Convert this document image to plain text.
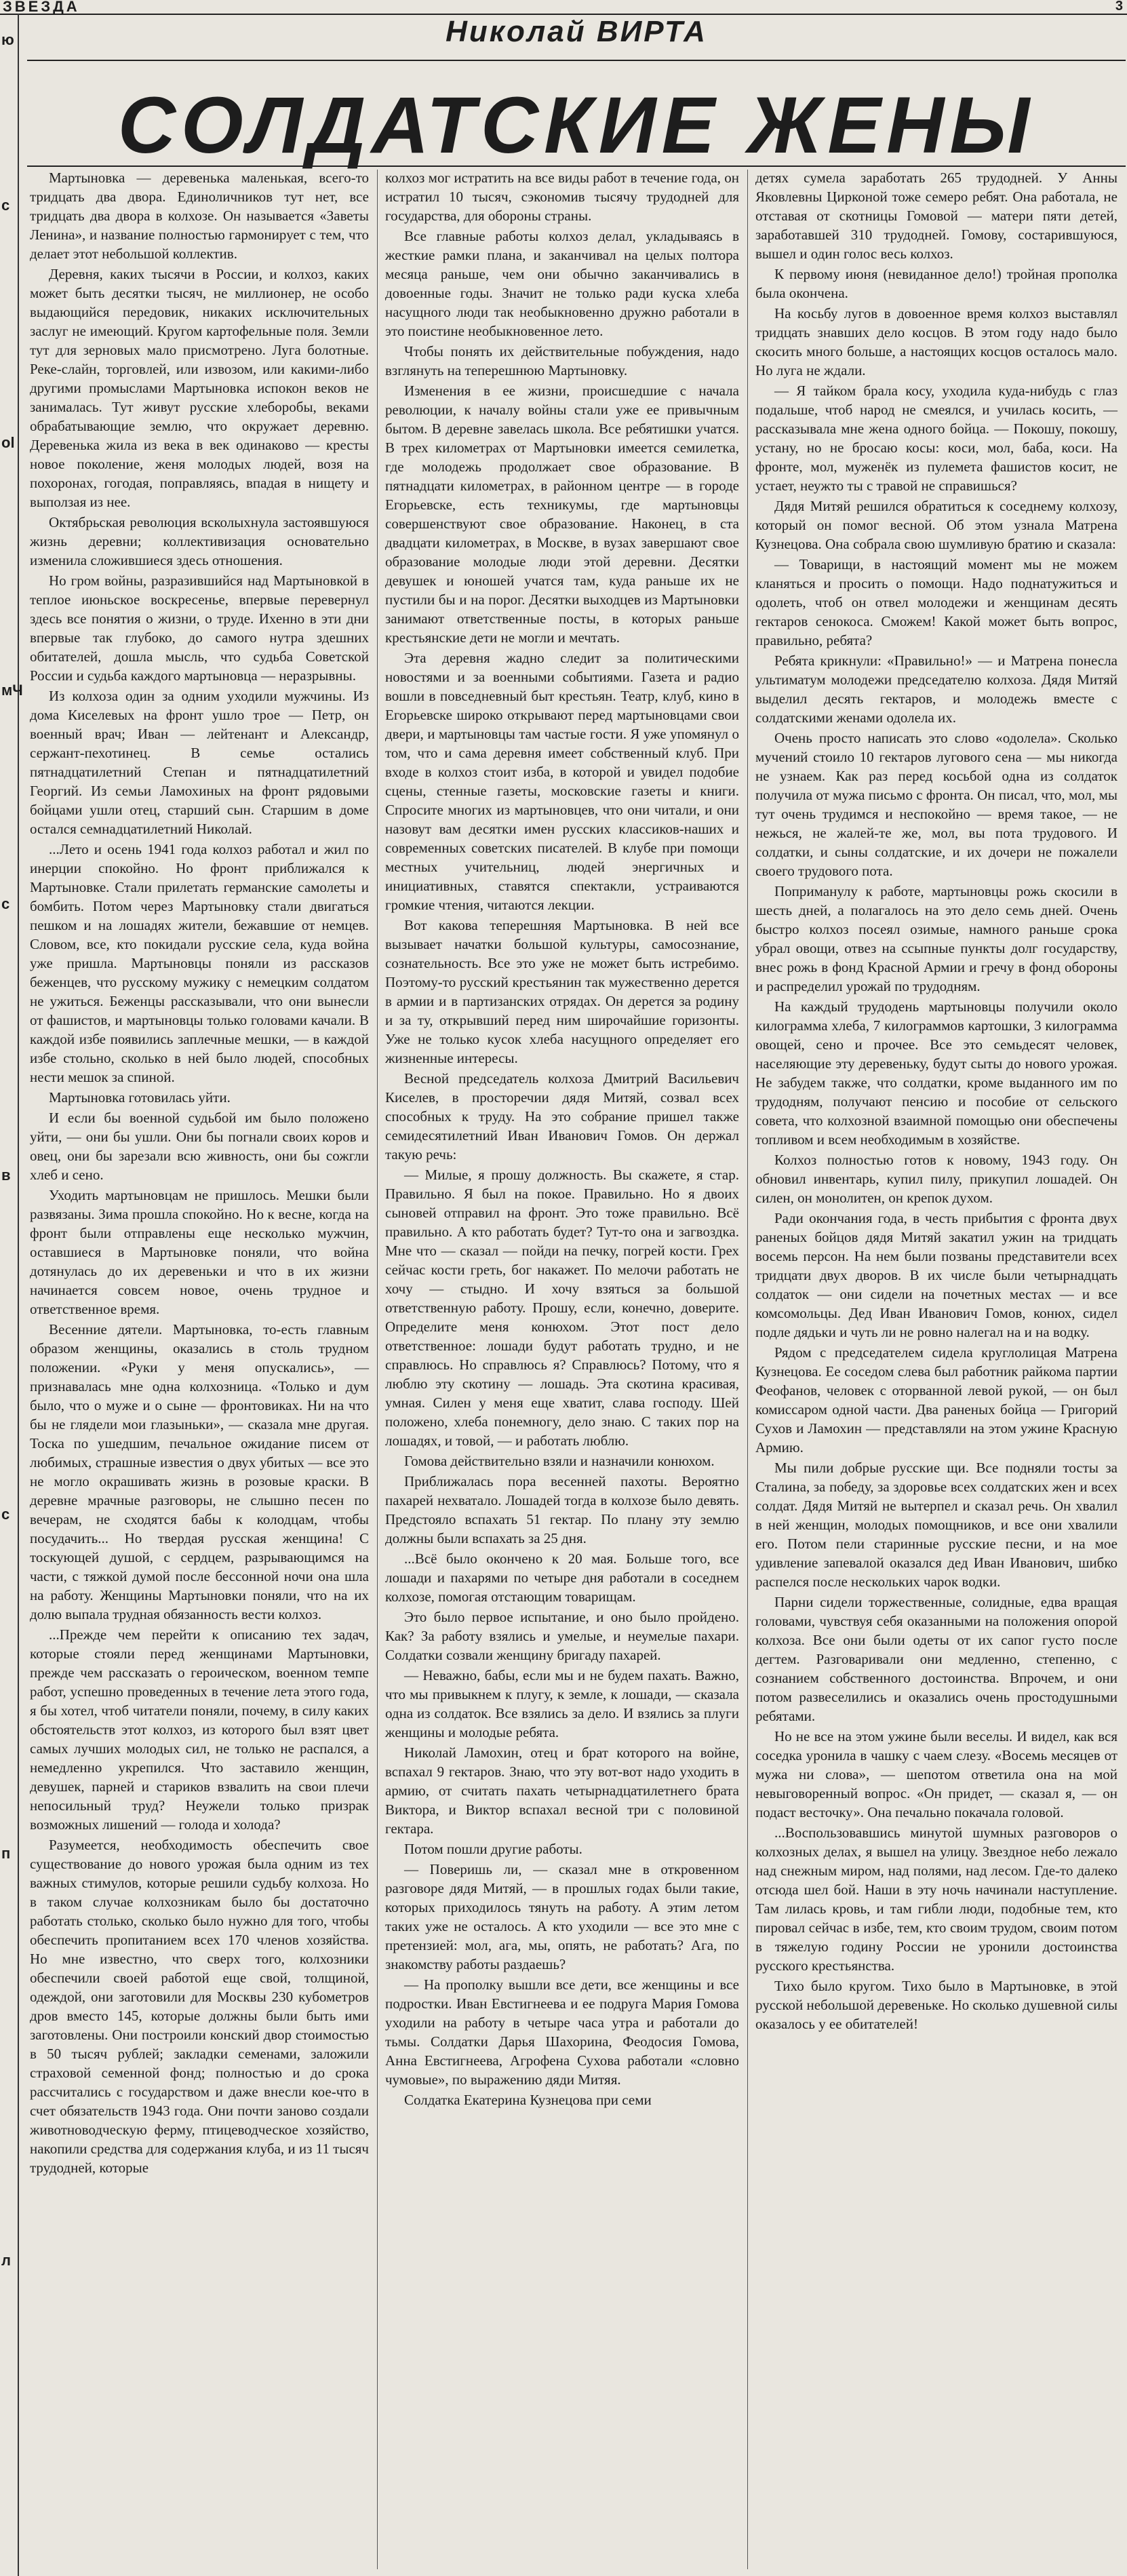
ЗВЕЗДА	3
ю
с
ol
мЧ
с
в
с
п
л
Николай ВИРТА
СОЛДАТСКИЕ ЖЕНЫ

Мартыновка — деревенька маленькая, всего-то тридцать два двора. Единоличников тут нет, все тридцать два двора в колхозе. Он называется «Заветы Ленина», и название полностью гармонирует с тем, что делает этот небольшой коллектив.

Деревня, каких тысячи в России, и колхоз, каких может быть десятки тысяч, не миллионер, не особо выдающийся передовик, никаких исключительных заслуг не имеющий. Кругом картофельные поля. Земли тут для зерновых мало присмотрено. Луга болотные. Реке-слайн, торговлей, или извозом, или какими-либо другими промыслами Мартыновка испокон веков не занималась. Тут живут русские хлеборобы, веками обрабатывающие землю, что окружает деревню. Деревенька жила из века в век одинаково — кресты новое поколение, женя молодых людей, возя на похоронах, гогодая, поправляясь, впадая в нищету и выползая из нее.

Октябрьская революция всколыхнула застоявшуюся жизнь деревни; коллективизация основательно изменила сложившиеся здесь отношения.

Но гром войны, разразившийся над Мартыновкой в теплое июньское воскресенье, впервые перевернул здесь все понятия о жизни, о труде. Ихенно в эти дни впервые так глубоко, до самого нутра здешних обитателей, дошла мысль, что судьба Советской России и судьба каждого мартыновца — неразрывны.

Из колхоза один за одним уходили мужчины. Из дома Киселевых на фронт ушло трое — Петр, он военный врач; Иван — лейтенант и Александр, сержант-пехотинец. В семье остались пятнадцатилетний Степан и пятнадцатилетний Георгий. Из семьи Ламохиных на фронт рядовыми бойцами ушли отец, старший сын. Старшим в доме остался семнадцатилетний Николай.

...Лето и осень 1941 года колхоз работал и жил по инерции спокойно. Но фронт приближался к Мартыновке. Стали прилетать германские самолеты и бомбить. Потом через Мартыновку стали двигаться пешком и на лошадях жители, бежавшие от немцев. Словом, все, кто покидали русские села, куда война уже пришла. Мартыновцы поняли из рассказов беженцев, что русскому мужику с немецким солдатом не ужиться. Беженцы рассказывали, что они вынесли от фашистов, и мартыновцы только головами качали. В каждой избе появились заплечные мешки, — в каждой избе стольно, сколько в ней было людей, способных нести мешок за спиной.

Мартыновка готовилась уйти.

И если бы военной судьбой им было положено уйти, — они бы ушли. Они бы погнали своих коров и овец, они бы зарезали всю живность, они бы сожгли хлеб и сено.

Уходить мартыновцам не пришлось. Мешки были развязаны. Зима прошла спокойно. Но к весне, когда на фронт были отправлены еще несколько мужчин, оставшиеся в Мартыновке поняли, что война дотянулась до их деревеньки и что в их жизни начинается совсем новое, очень трудное и ответственное время.

Весенние дятели. Мартыновка, то-есть главным образом женщины, оказались в столь трудном положении. «Руки у меня опускались», — признавалась мне одна колхозница. «Только и дум было, что о муже и о сыне — фронтовиках. Ни на что бы не глядели мои глазыньки», — сказала мне другая. Тоска по ушедшим, печальное ожидание писем от любимых, страшные известия о двух убитых — все это не могло окрашивать жизнь в розовые краски. В деревне мрачные разговоры, не слышно песен по вечерам, не сходятся бабы к колодцам, чтобы посудачить... Но твердая русская женщина! С тоскующей душой, с сердцем, разрывающимся на части, с тяжкой думой после бессонной ночи она шла на работу. Женщины Мартыновки поняли, что на их долю выпала трудная обязанность вести колхоз.

...Прежде чем перейти к описанию тех задач, которые стояли перед женщинами Мартыновки, прежде чем рассказать о героическом, военном темпе работ, успешно проведенных в течение лета этого года, я бы хотел, чтоб читатели поняли, почему, в силу каких обстоятельств этот колхоз, из которого был взят цвет самых лучших молодых сил, не только не распался, а немедленно укрепился. Что заставило женщин, девушек, парней и стариков взвалить на свои плечи непосильный труд? Неужели только призрак возможных лишений — голода и холода?

Разумеется, необходимость обеспечить свое существование до нового урожая была одним из тех важных стимулов, которые решили судьбу колхоза. Но в таком случае колхозникам было бы достаточно работать столько, сколько было нужно для того, чтобы обеспечить пропитанием всех 170 членов хозяйства. Но мне известно, что сверх того, колхозники обеспечили своей работой еще свой, толщиной, одеждой, они заготовили для Москвы 230 кубометров дров вместо 145, которые должны были быть ими заготовлены. Они построили конский двор стоимостью в 50 тысяч рублей; закладки семенами, заложили страховой семенной фонд; полностью и до срока рассчитались с государством и даже внесли кое-что в счет обязательств 1943 года. Они почти заново создали животноводческую ферму, птицеводческое хозяйство, накопили средства для содержания клуба, и из 11 тысяч трудодней, которые

колхоз мог истратить на все виды работ в течение года, он истратил 10 тысяч, сэкономив тысячу трудодней для государства, для обороны страны.

Все главные работы колхоз делал, укладываясь в жесткие рамки плана, и заканчивал на целых полтора месяца раньше, чем они обычно заканчивались в довоенные годы. Значит не только ради куска хлеба насущного люди так необыкновенно дружно работали в это поистине необыкновенное лето.

Чтобы понять их действительные побуждения, надо взглянуть на теперешнюю Мартыновку.

Изменения в ее жизни, происшедшие с начала революции, к началу войны стали уже ее привычным бытом. В деревне завелась школа. Все ребятишки учатся. В трех километрах от Мартыновки имеется семилетка, где молодежь продолжает свое образование. В пятнадцати километрах, в районном центре — в городе Егорьевске, есть техникумы, где мартыновцы совершенствуют свое образование. Наконец, в ста двадцати километрах, в Москве, в вузах завершают свое образование молодые люди этой деревни. Десятки девушек и юношей учатся там, куда раньше их не пустили бы и на порог. Десятки выходцев из Мартыновки занимают ответственные посты, в которых раньше крестьянские дети не могли и мечтать.

Эта деревня жадно следит за политическими новостями и за военными событиями. Газета и радио вошли в повседневный быт крестьян. Театр, клуб, кино в Егорьевске широко открывают перед мартыновцами свои двери, и мартыновцы там частые гости. Я уже упомянул о том, что и сама деревня имеет собственный клуб. При входе в колхоз стоит изба, в которой и увидел подобие сцены, стенные газеты, московские газеты и книги. Спросите многих из мартыновцев, что они читали, и они назовут вам десятки имен русских классиков-наших и современных советских писателей. В клубе при помощи местных учительниц, людей энергичных и инициативных, ставятся спектакли, устраиваются громкие чтения, читаются лекции.

Вот какова теперешняя Мартыновка. В ней все вызывает начатки большой культуры, самосознание, сознательность. Все это уже не может быть истребимо. Поэтому-то русский крестьянин так мужественно дерется в армии и в партизанских отрядах. Он дерется за родину и за ту, открывший перед ним широчайшие горизонты. Уже не только кусок хлеба насущного определяет его жизненные интересы.

Весной председатель колхоза Дмитрий Васильевич Киселев, в просторечии дядя Митяй, созвал всех способных к труду. На это собрание пришел также семидесятилетний Иван Иванович Гомов. Он держал такую речь:

— Милые, я прошу должность. Вы скажете, я стар. Правильно. Я был на покое. Правильно. Но я двоих сыновей отправил на фронт. Это тоже правильно. Всё правильно. А кто работать будет? Тут-то она и загвоздка. Мне что — сказал — пойди на печку, погрей кости. Грех сейчас кости греть, бог накажет. По мелочи работать не хочу — стыдно. И хочу взяться за большой ответственную работу. Прошу, если, конечно, доверите. Определите меня конюхом. Этот пост дело ответственное: лошади будут работать трудно, и не справлюсь. Но справлюсь я? Справлюсь? Потому, что я люблю эту скотину — лошадь. Эта скотина красивая, умная. Силен у меня еще хватит, слава господу. Шей положено, хлеба понемногу, дело знаю. С таких пор на лошадях, и товой, — и работать люблю.

Гомова действительно взяли и назначили конюхом.

Приближалась пора весенней пахоты. Вероятно пахарей нехватало. Лошадей тогда в колхозе было девять. Предстояло вспахать 51 гектар. По плану эту землю должны были вспахать за 25 дня.

...Всё было окончено к 20 мая. Больше того, все лошади и пахарями по четыре дня работали в соседнем колхозе, помогая отстающим товарищам.

Это было первое испытание, и оно было пройдено. Как? За работу взялись и умелые, и неумелые пахари. Солдатки созвали женщину бригаду пахарей.

— Неважно, бабы, если мы и не будем пахать. Важно, что мы привыкнем к плугу, к земле, к лошади, — сказала одна из солдаток. Все взялись за дело. И взялись за плуги женщины и молодые ребята.

Николай Ламохин, отец и брат которого на войне, вспахал 9 гектаров. Знаю, что эту вот-вот надо уходить в армию, от считать пахать четырнадцатилетнего брата Виктора, и Виктор вспахал весной три с половиной гектара.

Потом пошли другие работы.

— Поверишь ли, — сказал мне в откровенном разговоре дядя Митяй, — в прошлых годах были такие, которых приходилось тянуть на работу. А этим летом таких уже не осталось. А кто уходили — все это мне с претензией: мол, ага, мы, опять, не работать? Ага, по знакомству работы раздаешь?

— На прополку вышли все дети, все женщины и все подростки. Иван Евстигнеева и ее подруга Мария Гомова уходили на работу в четыре часа утра и работали до тьмы. Солдатки Дарья Шахорина, Феодосия Гомова, Анна Евстигнеева, Агрофена Сухова работали «словно чумовые», по выражению дяди Митяя.

Солдатка Екатерина Кузнецова при семи

детях сумела заработать 265 трудодней. У Анны Яковлевны Цирконой тоже семеро ребят. Она работала, не отставая от скотницы Гомовой — матери пяти детей, заработавшей 310 трудодней. Гомову, состарившуюся, вышел и один голос весь колхоз.

К первому июня (невиданное дело!) тройная прополка была окончена.

На косьбу лугов в довоенное время колхоз выставлял тридцать знавших дело косцов. В этом году надо было скосить много больше, а настоящих косцов осталось мало. Но луга не ждали.

— Я тайком брала косу, уходила кудa-нибудь с глаз подальше, чтоб народ не смеялся, и училась косить, — рассказывала мне жена одного бойца. — Покошу, покошу, устану, но не бросаю косы: коси, мол, баба, коси. На фронте, мол, муженёк из пулемета фашистов косит, не устает, неужто ты с травой не справишься?

Дядя Митяй решился обратиться к соседнему колхозу, который он помог весной. Об этом узнала Матрена Кузнецова. Она собрала свою шумливую братию и сказала:

— Товарищи, в настоящий момент мы не можем кланяться и просить о помощи. Надо поднатужиться и одолеть, чтоб он отвел молодежи и женщинам десять гектаров сенокоса. Сможем! Какой может быть вопрос, правильно, ребята?

Ребята крикнули: «Правильно!» — и Матрена понесла ультиматум молодежи председателю колхоза. Дядя Митяй выделил десять гектаров, и молодежь вместе с солдатскими женами одолела их.

Очень просто написать это слово «одолела». Сколько мучений стоило 10 гектаров лугового сена — мы никогда не узнаем. Как раз перед косьбой одна из солдаток получила от мужа письмо с фронта. Он писал, что, мол, мы тут очень трудимся и неспокойно — время такое, — не нежься, не жалей-те же, мол, вы пота трудового. И солдатки, и сыны солдатские, и их дочери не пожалели своего трудового пота.

Поприманулу к работе, мартыновцы рожь скосили в шесть дней, а полагалось на это дело семь дней. Очень быстро колхоз посеял озимые, намного раньше срока убрал овощи, отвез на ссыпные пункты долг государству, внес рожь в фонд Красной Армии и гречу в фонд обороны и распределил урожай по трудодням.

На каждый трудодень мартыновцы получили около килограмма хлеба, 7 килограммов картошки, 3 килограмма овощей, сено и прочее. Все это семьдесят человек, населяющие эту деревеньку, будут сыты до нового урожая. Не забудем также, что солдатки, кроме выданного им по трудодням, получают пенсию и пособие от сельского совета, что колхозной взаимной помощью они обеспечены топливом и всем необходимым в хозяйстве.

Колхоз полностью готов к новому, 1943 году. Он обновил инвентарь, купил пилу, прикупил лошадей. Он силен, он монолитен, он крепок духом.

Ради окончания года, в честь прибытия с фронта двух раненых бойцов дядя Митяй закатил ужин на тридцать восемь персон. На нем были позваны представители всех тридцати двух дворов. В их числе были четырнадцать солдаток — они сидели на почетных местах — и все комсомольцы. Дед Иван Иванович Гомов, конюх, сидел подле дядьки и чуть ли не ровно налегал на и на водку.

Рядом с председателем сидела круглолицая Матрена Кузнецова. Ее соседом слева был работник райкома партии Феофанов, человек с оторванной левой рукой, — он был комиссаром одной части. Два раненых бойца — Григорий Сухов и Ламохин — представляли на этом ужине Красную Армию.

Мы пили добрые русские щи. Все подняли тосты за Сталина, за победу, за здоровье всех солдатских жен и всех солдат. Дядя Митяй не вытерпел и сказал речь. Он хвалил в ней женщин, молодых помощников, и все они хвалили его. Потом пели старинные русские песни, и на мое удивление запевалой оказался дед Иван Иванович, шибко распелся после нескольких чарок водки.

Парни сидели торжественные, солидные, едва вращая головами, чувствуя себя оказанными на положения опорой колхоза. Все они были одеты от их сапог густо после дегтем. Разговаривали они медленно, степенно, с сознанием собственного достоинства. Впрочем, и они потом развеселились и оказались очень простодушными ребятами.

Но не все на этом ужине были веселы. И видел, как вся соседка уронила в чашку с чаем слезу. «Восемь месяцев от мужа ни слова», — шепотом ответила она на мой невыговоренный вопрос. «Он придет, — сказал я, — он подаст весточку». Она печально покачала головой.

...Воспользовавшись минутой шумных разговоров о колхозных делах, я вышел на улицу. Звездное небо лежало над снежным миром, над полями, над лесом. Где-то далеко отсюда шел бой. Наши в эту ночь начинали наступление. Там лилась кровь, и там гибли люди, подобные тем, кто пировал сейчас в избе, тем, кто своим трудом, своим потом в тяжелую годину России не уронили достоинства русского крестьянства.

Тихо было кругом. Тихо было в Мартыновке, в этой русской небольшой деревеньке. Но сколько душевной силы оказалось у ее обитателей!
